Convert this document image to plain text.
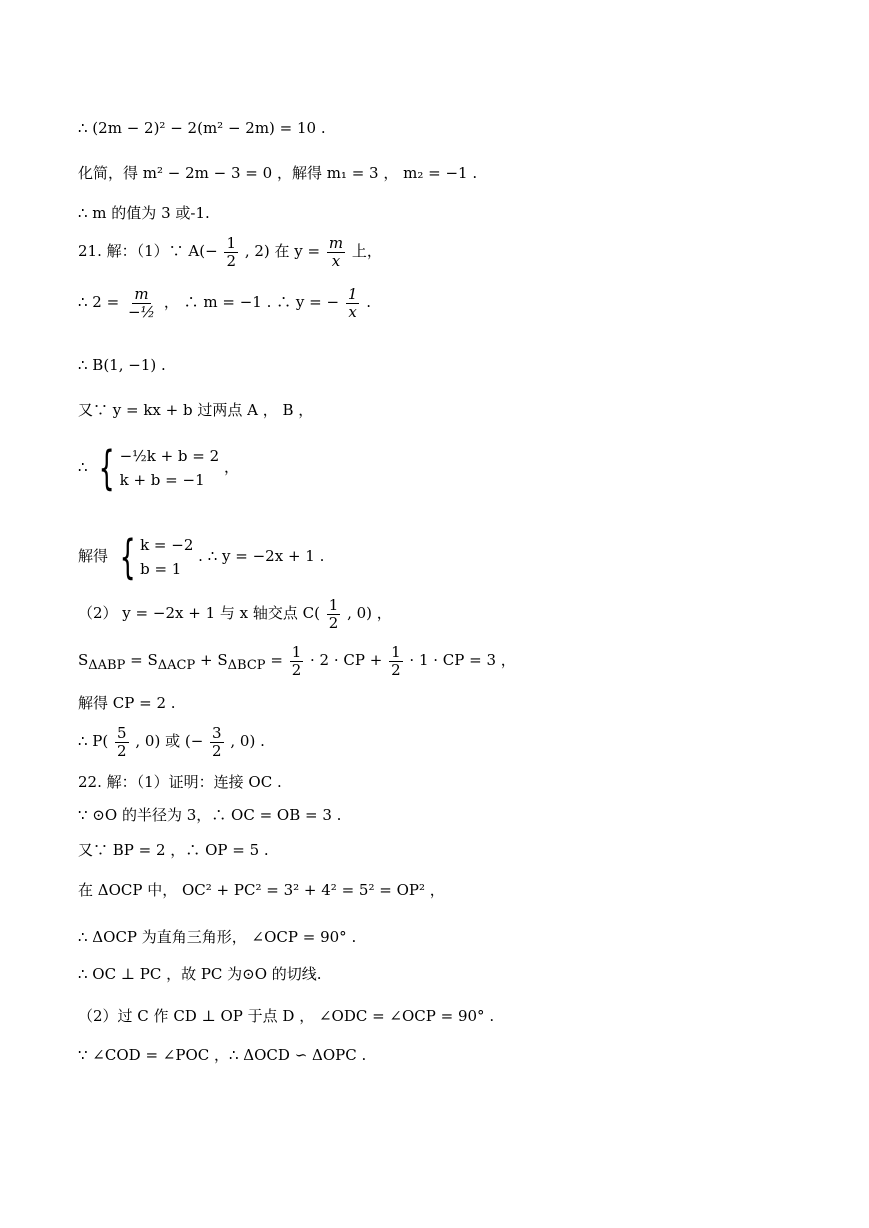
∴ (2m − 2)² − 2(m² − 2m) = 10 .
化简，得 m² − 2m − 3 = 0 ，解得 m₁ = 3 ， m₂ = −1 .
∴ m 的值为 3 或-1.
21. 解：（1）∵ $A(- \frac{1}{2}$ , 2) 在 $y = \frac{m}{x}$ 上，
∴ $2 = \frac{m}{\text{−½}}$ ， ∴ m = −1 . ∴ y = − $\frac{1}{x}$ .
∴ B(1, −1) .
又∵ y = kx + b 过两点 A ， B ，
∴ { −½k + b = 2
k + b = −1
，
解得 { k = −2
b = 1
. ∴ y = −2x + 1 .
（2） y = −2x + 1 与 x 轴交点 $C( \frac{1}{2}$ , 0) ，
$S_{\Delta ABP} = S_{\Delta ACP} + S_{\Delta BCP} = \frac{1}{2} \cdot 2$ · CP + $\frac{1}{2} \cdot 1$ · CP = 3 ，
解得 CP = 2 .
∴ $P( \frac{5}{2}$ , 0) 或 (− $\frac{3}{2}$ , 0) .
22. 解：（1）证明：连接 OC .
∵ ⊙O 的半径为 3，∴ OC = OB = 3 .
又∵ BP = 2 ，∴ OP = 5 .
在 ΔOCP 中， OC² + PC² = 3² + 4² = 5² = OP² ，
∴ ΔOCP 为直角三角形， ∠OCP = 90° .
∴ OC ⊥ PC ，故 PC 为⊙O 的切线.
（2）过 C 作 CD ⊥ OP 于点 D ， ∠ODC = ∠OCP = 90° .
∵ ∠COD = ∠POC ，∴ ΔOCD ∽ ΔOPC .
